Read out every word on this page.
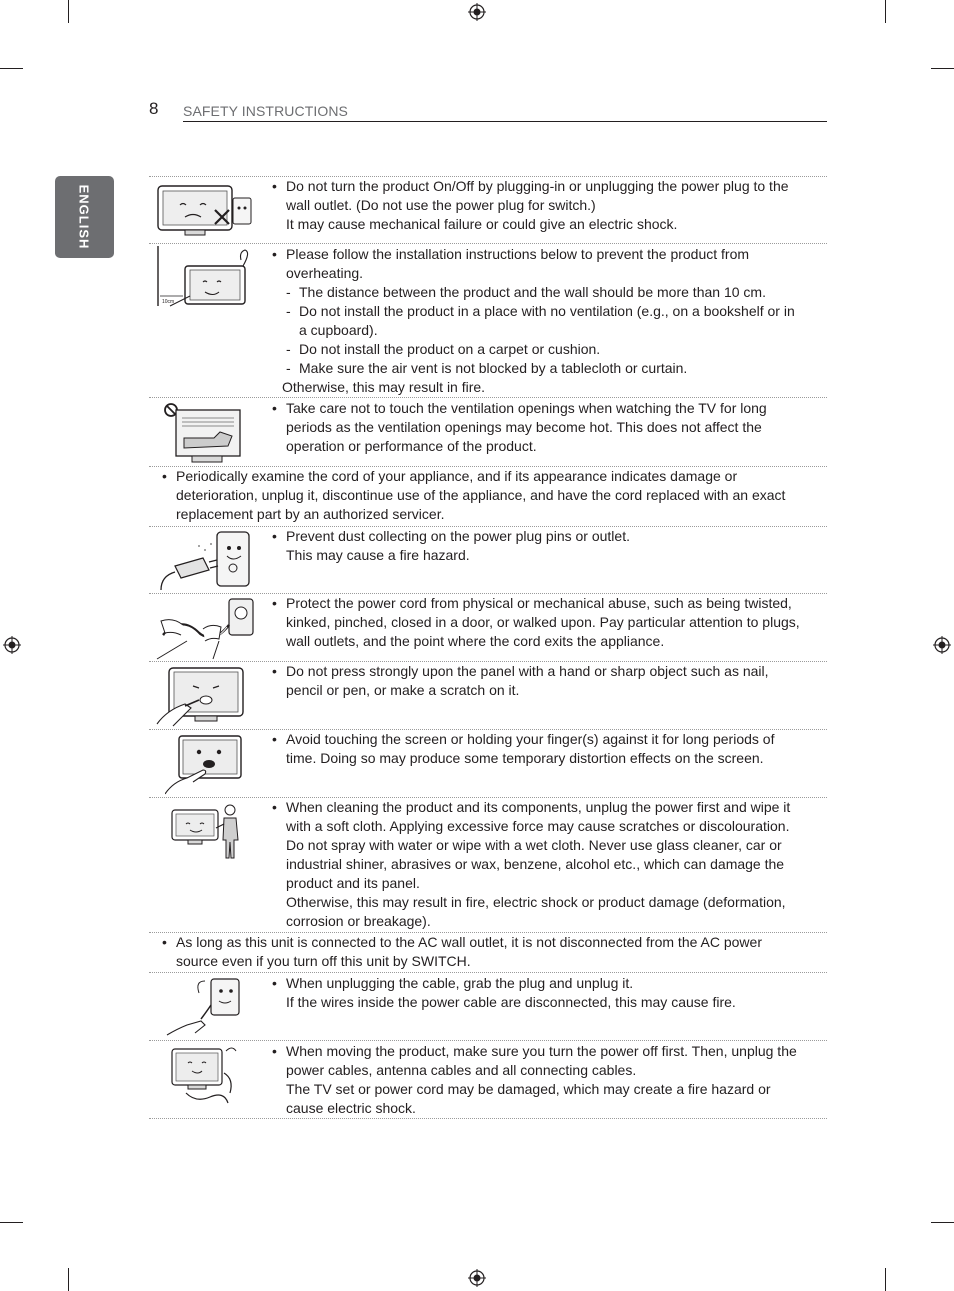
8 SAFETY INSTRUCTIONS
ENGLISH
10cm
• Do not turn the product On/Off by plugging-in or unplugging the power plug to the
wall outlet. (Do not use the power plug for switch.)
It may cause mechanical failure or could give an electric shock.
• Please follow the installation instructions below to prevent the product from
overheating.
- The distance between the product and the wall should be more than 10 cm.
- Do not install the product in a place with no ventilation (e.g., on a bookshelf or in
a cupboard).
- Do not install the product on a carpet or cushion.
- Make sure the air vent is not blocked by a tablecloth or curtain.
Otherwise, this may result in fire.
• Take care not to touch the ventilation openings when watching the TV for long
periods as the ventilation openings may become hot. This does not affect the
operation or performance of the product.
• Periodically examine the cord of your appliance, and if its appearance indicates damage or
deterioration, unplug it, discontinue use of the appliance, and have the cord replaced with an exact
replacement part by an authorized servicer.
• Prevent dust collecting on the power plug pins or outlet.
This may cause a fire hazard.
• Protect the power cord from physical or mechanical abuse, such as being twisted,
kinked, pinched, closed in a door, or walked upon. Pay particular attention to plugs,
wall outlets, and the point where the cord exits the appliance.
• Do not press strongly upon the panel with a hand or sharp object such as nail,
pencil or pen, or make a scratch on it.
• Avoid touching the screen or holding your finger(s) against it for long periods of
time. Doing so may produce some temporary distortion effects on the screen.
• When cleaning the product and its components, unplug the power first and wipe it
with a soft cloth. Applying excessive force may cause scratches or discolouration.
Do not spray with water or wipe with a wet cloth. Never use glass cleaner, car or
industrial shiner, abrasives or wax, benzene, alcohol etc., which can damage the
product and its panel.
Otherwise, this may result in fire, electric shock or product damage (deformation,
corrosion or breakage).
• As long as this unit is connected to the AC wall outlet, it is not disconnected from the AC power
source even if you turn off this unit by SWITCH.
• When unplugging the cable, grab the plug and unplug it.
If the wires inside the power cable are disconnected, this may cause fire.
• When moving the product, make sure you turn the power off first. Then, unplug the
power cables, antenna cables and all connecting cables.
The TV set or power cord may be damaged, which may create a fire hazard or
cause electric shock.
